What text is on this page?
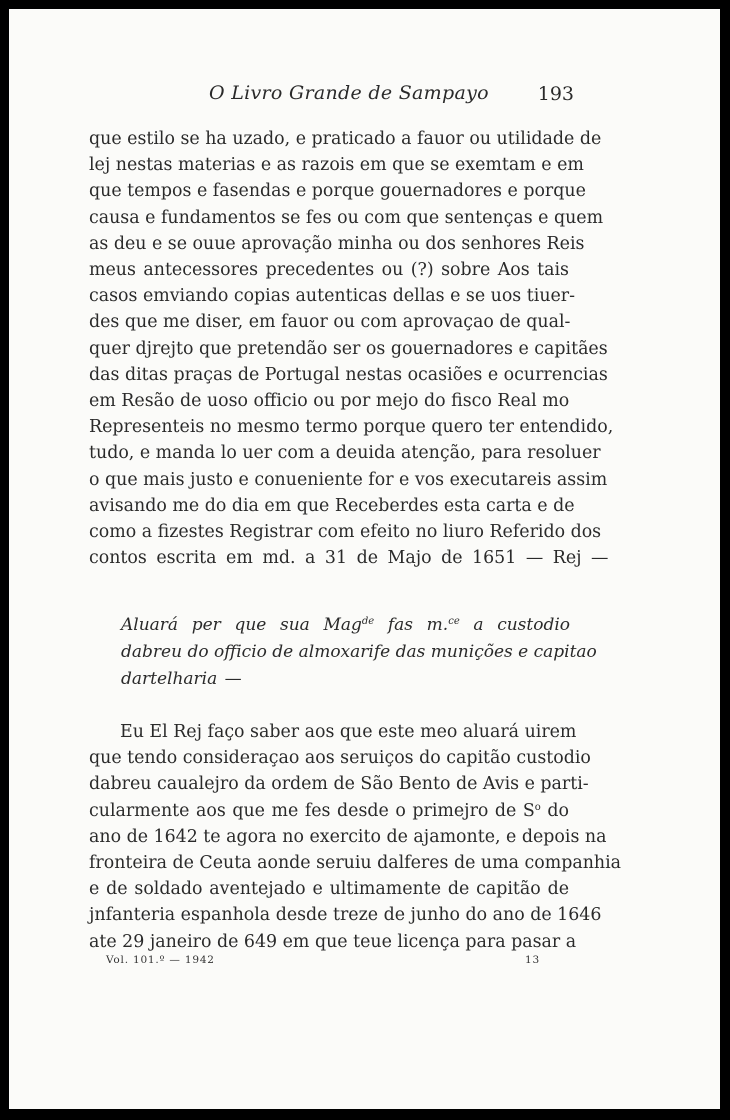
O Livro Grande de Sampayo	193
que estilo se ha uzado, e praticado a fauor ou utilidade de
lej nestas materias e as razois em que se exemtam e em
que tempos e fasendas e porque gouernadores e porque
causa e fundamentos se fes ou com que sentenças e quem
as deu e se ouue aprovação minha ou dos senhores Reis
meus antecessores precedentes ou (?) sobre Aos tais
casos emviando copias autenticas dellas e se uos tiuer-
des que me diser, em fauor ou com aprovaçao de qual-
quer djrejto que pretendão ser os gouernadores e capitães
das ditas praças de Portugal nestas ocasiões e ocurrencias
em Resão de uoso officio ou por mejo do fisco Real mo
Representeis no mesmo termo porque quero ter entendido,
tudo, e manda lo uer com a deuida atenção, para resoluer
o que mais justo e conueniente for e vos executareis assim
avisando me do dia em que Receberdes esta carta e de
como a fizestes Registrar com efeito no liuro Referido dos
contos escrita em md. a 31 de Majo de 1651 — Rej —
Aluará per que sua Mag$^{de}$ fas m.$^{ce}$ a custodio
dabreu do officio de almoxarife das munições e capitao
dartelharia —
Eu El Rej faço saber aos que este meo aluará uirem
que tendo consideraçao aos seruiços do capitão custodio
dabreu caualejro da ordem de São Bento de Avis e parti-
cularmente aos que me fes desde o primejro de $S^o$ do
ano de 1642 te agora no exercito de ajamonte, e depois na
fronteira de Ceuta aonde seruiu dalferes de uma companhia
e de soldado aventejado e ultimamente de capitão de
jnfanteria espanhola desde treze de junho do ano de 1646
ate 29 janeiro de 649 em que teue licença para pasar a
Vol. 101.º — 1942	13
